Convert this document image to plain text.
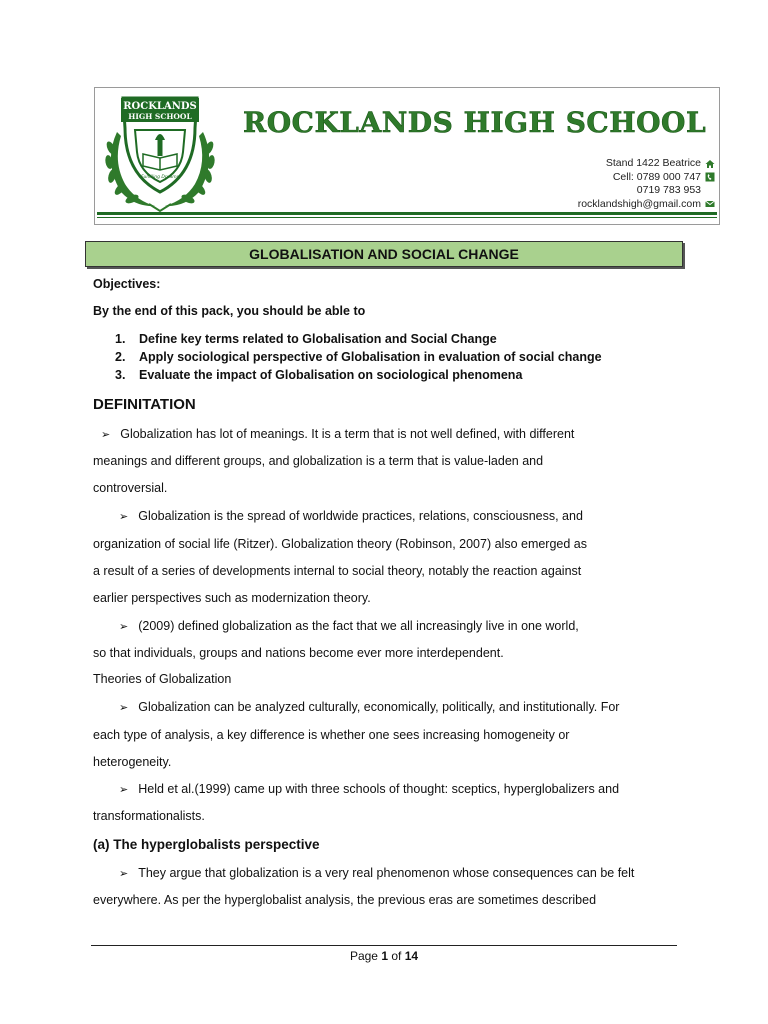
ROCKLANDS
HIGH SCHOOL
Fulfilling Dreams
ROCKLANDS HIGH SCHOOL
Stand 1422 Beatrice
Cell: 0789 000 747
0719 783 953
rocklandshigh@gmail.com
GLOBALISATION AND SOCIAL CHANGE
Objectives:
By the end of this pack, you should be able to
1. Define key terms related to Globalisation and Social Change
2. Apply sociological perspective of Globalisation in evaluation of social change
3. Evaluate the impact of Globalisation on sociological phenomena
DEFINITATION
➢ Globalization has lot of meanings. It is a term that is not well defined, with different
meanings and different groups, and globalization is a term that is value-laden and
controversial.
➢ Globalization is the spread of worldwide practices, relations, consciousness, and
organization of social life (Ritzer). Globalization theory (Robinson, 2007) also emerged as
a result of a series of developments internal to social theory, notably the reaction against
earlier perspectives such as modernization theory.
➢ (2009) defined globalization as the fact that we all increasingly live in one world,
so that individuals, groups and nations become ever more interdependent.
Theories of Globalization
➢ Globalization can be analyzed culturally, economically, politically, and institutionally. For
each type of analysis, a key difference is whether one sees increasing homogeneity or
heterogeneity.
➢ Held et al.(1999) came up with three schools of thought: sceptics, hyperglobalizers and
transformationalists.
(a) The hyperglobalists perspective
➢ They argue that globalization is a very real phenomenon whose consequences can be felt
everywhere. As per the hyperglobalist analysis, the previous eras are sometimes described
Page 1 of 14
